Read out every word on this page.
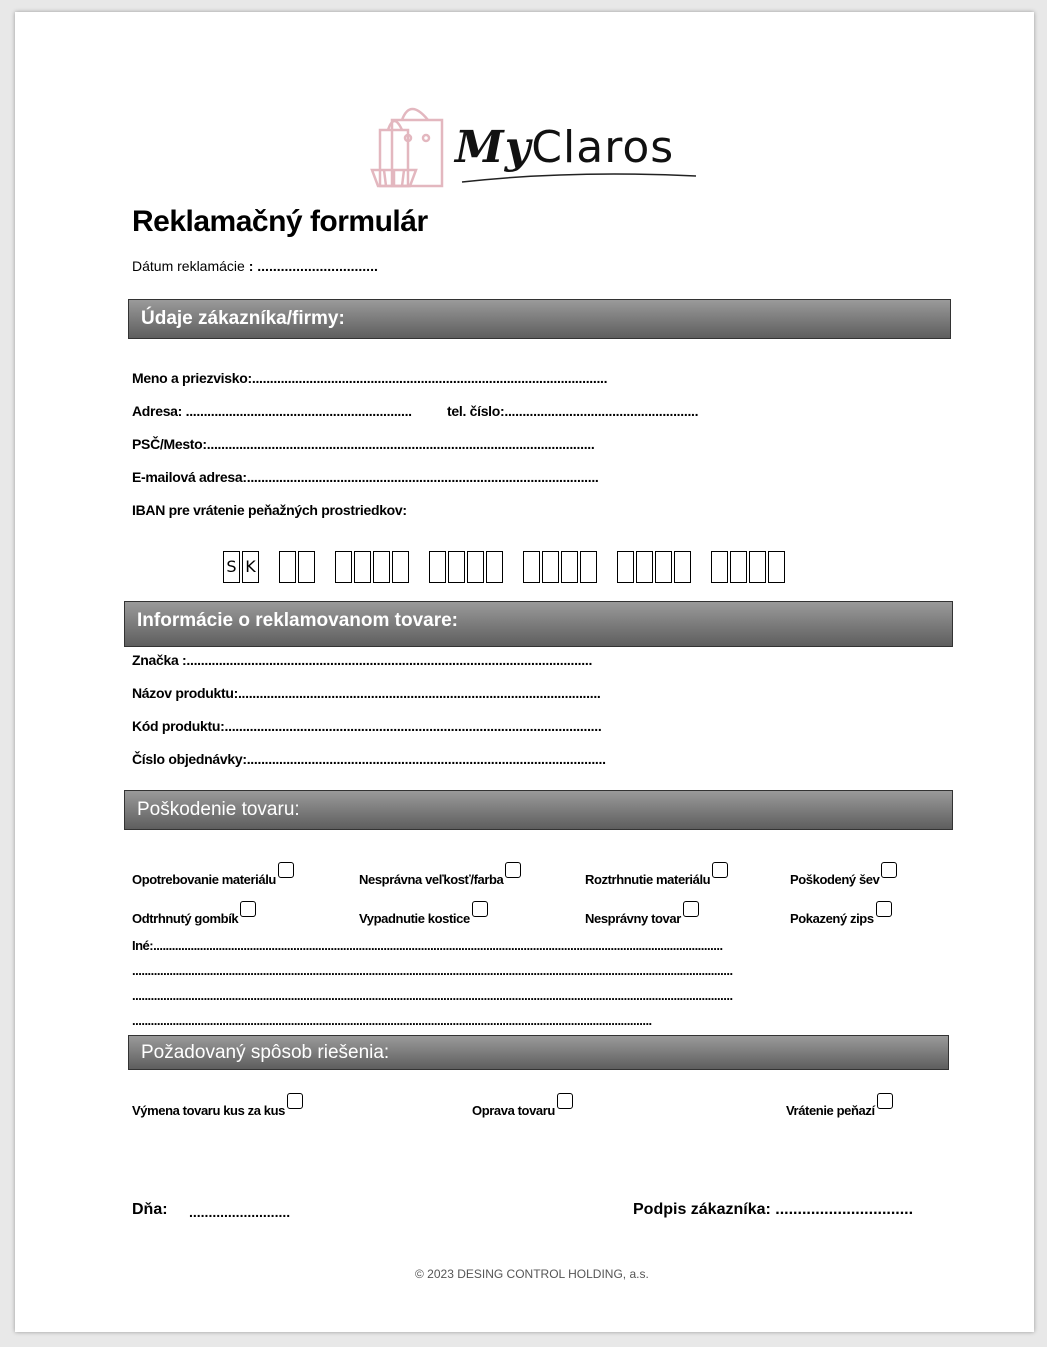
MyClaros
Reklamačný formulár
Dátum reklamácie : ...............................
Údaje zákazníka/firmy:
Meno a priezvisko:...................................................................................................
Adresa: ...............................................................	tel. číslo:......................................................
PSČ/Mesto:............................................................................................................
E-mailová adresa:..................................................................................................
IBAN pre vrátenie peňažných prostriedkov:
S K
Informácie o reklamovanom tovare:
Značka :.................................................................................................................
Názov produktu:.....................................................................................................
Kód produktu:.........................................................................................................
Číslo objednávky:....................................................................................................
Poškodenie tovaru:
Opotrebovanie materiálu	Nesprávna veľkosť/farba	Roztrhnutie materiálu	Poškodený šev
Odtrhnutý gombík	Vypadnutie kostice	Nesprávny tovar	Pokazený zips
Iné:.......................................................................................................................................................................................
.................................................................................................................................................................................................
.................................................................................................................................................................................................
.......................................................................................................................................................................
Požadovaný spôsob riešenia:
Výmena tovaru kus za kus	Oprava tovaru	Vrátenie peňazí
Dňa: ..........................	Podpis zákazníka: ...............................
© 2023 DESING CONTROL HOLDING, a.s.
